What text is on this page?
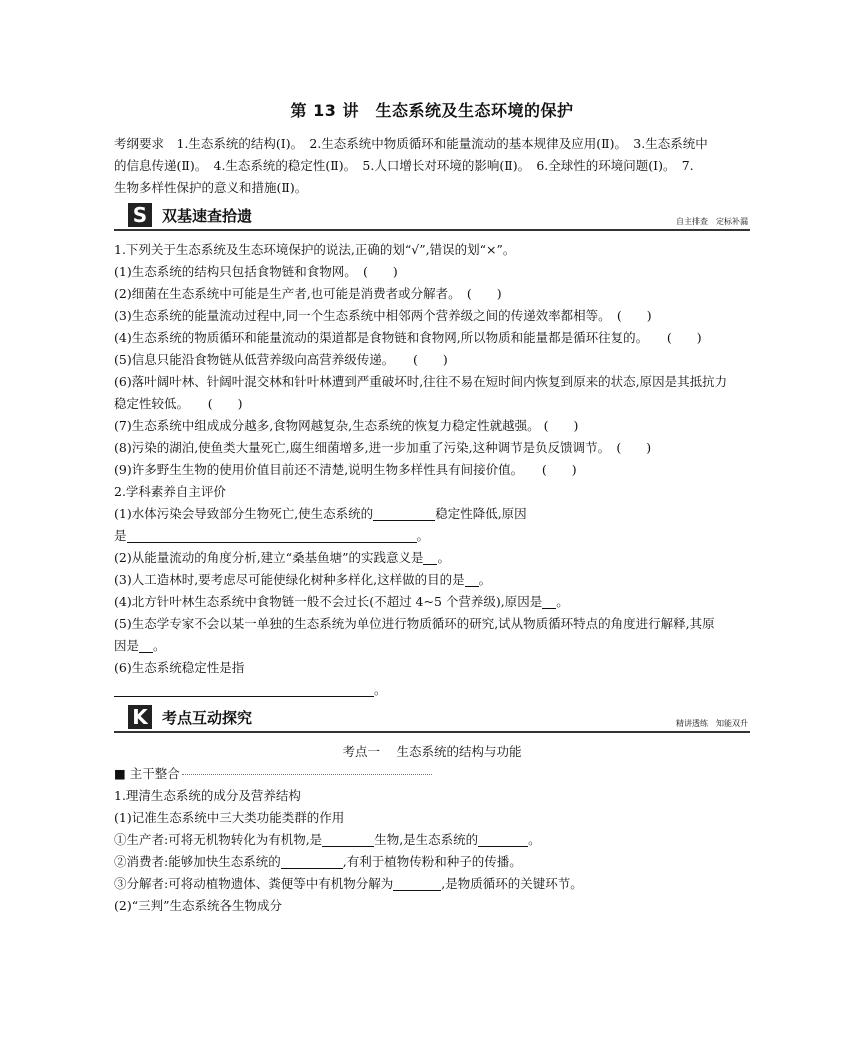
第 13 讲　生态系统及生态环境的保护

考纲要求　1.生态系统的结构(Ⅰ)。　2.生态系统中物质循环和能量流动的基本规律及应用(Ⅱ)。　3.生态系统中

的信息传递(Ⅱ)。　4.生态系统的稳定性(Ⅱ)。　5.人口增长对环境的影响(Ⅱ)。　6.全球性的环境问题(Ⅰ)。　7.

生物多样性保护的意义和措施(Ⅱ)。

S 双基速查拾遗	自主排查　定标补漏

1.下列关于生态系统及生态环境保护的说法,正确的划“√”,错误的划“×”。

(1)生态系统的结构只包括食物链和食物网。　(　　)

(2)细菌在生态系统中可能是生产者,也可能是消费者或分解者。　(　　)

(3)生态系统的能量流动过程中,同一个生态系统中相邻两个营养级之间的传递效率都相等。　(　　)

(4)生态系统的物质循环和能量流动的渠道都是食物链和食物网,所以物质和能量都是循环往复的。　　(　　)

(5)信息只能沿食物链从低营养级向高营养级传递。　　(　　)

(6)落叶阔叶林、针阔叶混交林和针叶林遭到严重破坏时,往往不易在短时间内恢复到原来的状态,原因是其抵抗力

稳定性较低。　　(　　)

(7)生态系统中组成成分越多,食物网越复杂,生态系统的恢复力稳定性就越强。 (　　)

(8)污染的湖泊,使鱼类大量死亡,腐生细菌增多,进一步加重了污染,这种调节是负反馈调节。　(　　)

(9)许多野生生物的使用价值目前还不清楚,说明生物多样性具有间接价值。　　(　　)

2.学科素养自主评价

(1)水体污染会导致部分生物死亡,使生态系统的	稳定性降低,原因

是	。

(2)从能量流动的角度分析,建立“桑基鱼塘”的实践意义是 。

(3)人工造林时,要考虑尽可能使绿化树种多样化,这样做的目的是 。

(4)北方针叶林生态系统中食物链一般不会过长(不超过 4~5 个营养级),原因是 。

(5)生态学专家不会以某一单独的生态系统为单位进行物质循环的研究,试从物质循环特点的角度进行解释,其原

因是 。

(6)生态系统稳定性是指

。

K 考点互动探究	精讲透练　知能双升

考点一　 生态系统的结构与功能

■ 主干整合

1.理清生态系统的成分及营养结构

(1)记准生态系统中三大类功能类群的作用

①生产者:可将无机物转化为有机物,是	生物,是生态系统的	。

②消费者:能够加快生态系统的	,有利于植物传粉和种子的传播。

③分解者:可将动植物遗体、粪便等中有机物分解为	,是物质循环的关键环节。

(2)“三判”生态系统各生物成分
